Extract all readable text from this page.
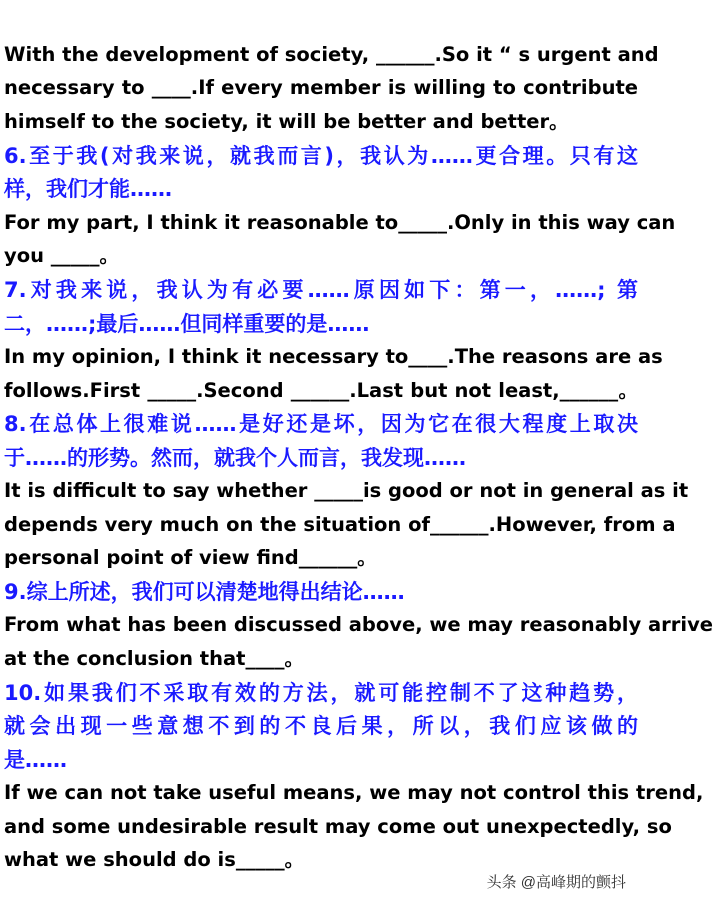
With the development of society, ______.So it “ s urgent and
necessary to ____.If every member is willing to contribute
himself to the society, it will be better and better。
6.至于我(对我来说，就我而言)，我认为……更合理。只有这
样，我们才能……
For my part, I think it reasonable to_____.Only in this way can
you _____。
7.对我来说，我认为有必要……原因如下：第一，……; 第
二，……;最后……但同样重要的是……
In my opinion, I think it necessary to____.The reasons are as
follows.First _____.Second ______.Last but not least,______。
8.在总体上很难说……是好还是坏，因为它在很大程度上取决
于……的形势。然而，就我个人而言，我发现……
It is difficult to say whether _____is good or not in general as it
depends very much on the situation of______.However, from a
personal point of view find______。
9.综上所述，我们可以清楚地得出结论……
From what has been discussed above, we may reasonably arrive
at the conclusion that____。
10.如果我们不采取有效的方法，就可能控制不了这种趋势，
就会出现一些意想不到的不良后果，所以，我们应该做的
是……
If we can not take useful means, we may not control this trend,
and some undesirable result may come out unexpectedly, so
what we should do is_____。
头条 @高峰期的颤抖
